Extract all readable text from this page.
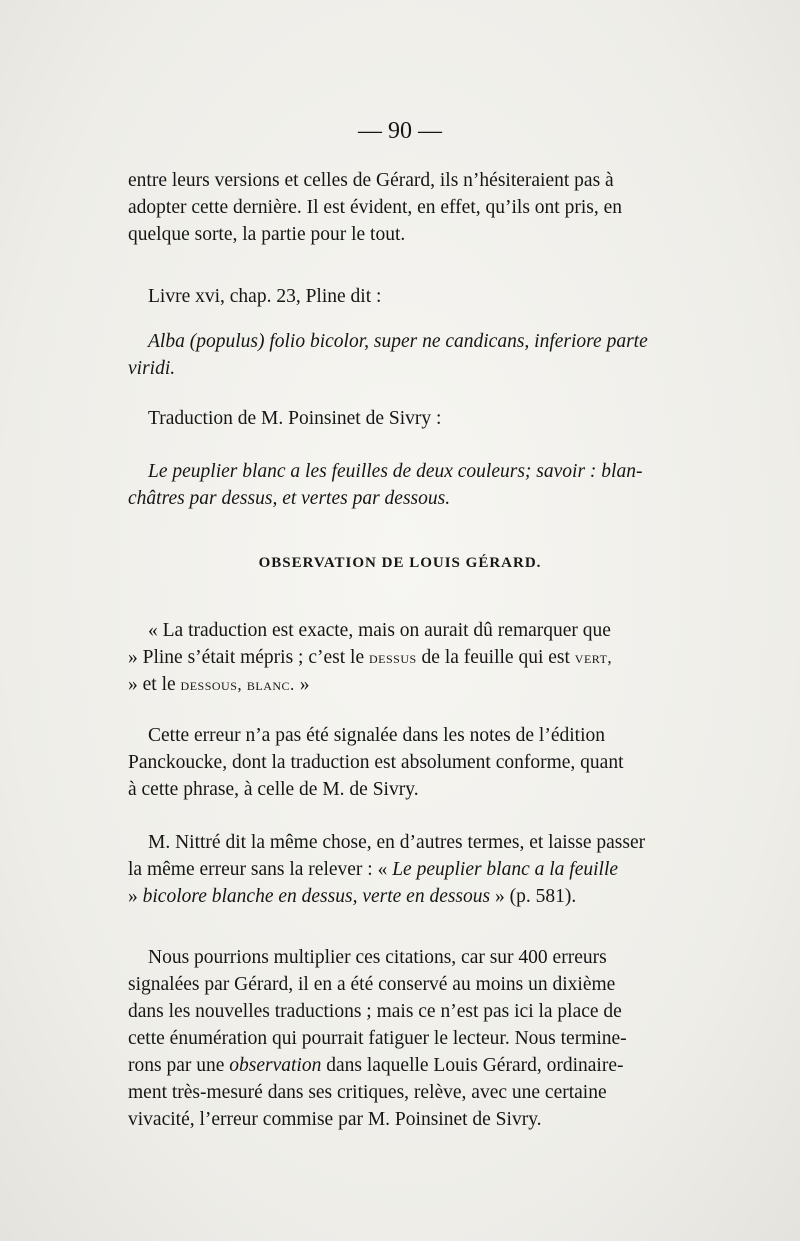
— 90 —
entre leurs versions et celles de Gérard, ils n’hésiteraient pas à
adopter cette dernière. Il est évident, en effet, qu’ils ont pris, en
quelque sorte, la partie pour le tout.
Livre xvi, chap. 23, Pline dit :
Alba (populus) folio bicolor, super ne candicans, inferiore parte
viridi.
Traduction de M. Poinsinet de Sivry :
Le peuplier blanc a les feuilles de deux couleurs; savoir : blan-
châtres par dessus, et vertes par dessous.
OBSERVATION DE LOUIS GÉRARD.
« La traduction est exacte, mais on aurait dû remarquer que
» Pline s’était mépris ; c’est le dessus de la feuille qui est vert,
» et le dessous, blanc. »
Cette erreur n’a pas été signalée dans les notes de l’édition
Panckoucke, dont la traduction est absolument conforme, quant
à cette phrase, à celle de M. de Sivry.
M. Nittré dit la même chose, en d’autres termes, et laisse passer
la même erreur sans la relever : « Le peuplier blanc a la feuille
» bicolore blanche en dessus, verte en dessous » (p. 581).
Nous pourrions multiplier ces citations, car sur 400 erreurs
signalées par Gérard, il en a été conservé au moins un dixième
dans les nouvelles traductions ; mais ce n’est pas ici la place de
cette énumération qui pourrait fatiguer le lecteur. Nous termine-
rons par une observation dans laquelle Louis Gérard, ordinaire-
ment très-mesuré dans ses critiques, relève, avec une certaine
vivacité, l’erreur commise par M. Poinsinet de Sivry.
